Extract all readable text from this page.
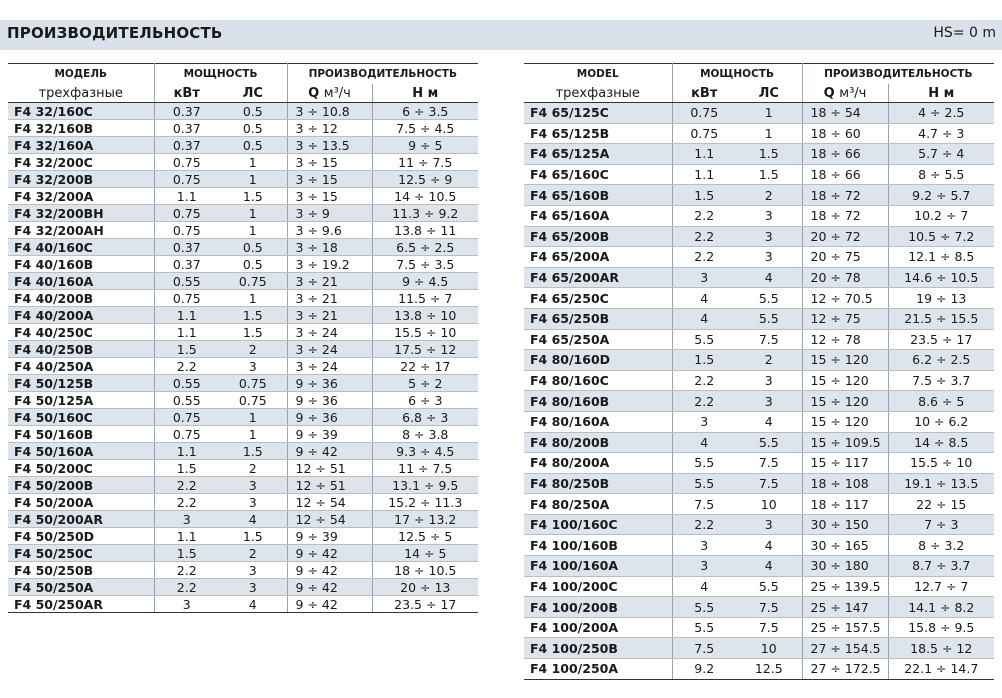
ПРОИЗВОДИТЕЛЬНОСТЬ	HS= 0 m
МОДЕЛЬ	МОЩНОСТЬ		ПРОИЗВОДИТЕЛЬНОСТЬ	
трехфазные	кВт	ЛС	Q м³/ч	Н м
F4 32/160C	0.37	0.5	3 ÷ 10.8	6 ÷ 3.5
F4 32/160B	0.37	0.5	3 ÷ 12	7.5 ÷ 4.5
F4 32/160A	0.37	0.5	3 ÷ 13.5	9 ÷ 5
F4 32/200C	0.75	1	3 ÷ 15	11 ÷ 7.5
F4 32/200B	0.75	1	3 ÷ 15	12.5 ÷ 9
F4 32/200A	1.1	1.5	3 ÷ 15	14 ÷ 10.5
F4 32/200BH	0.75	1	3 ÷ 9	11.3 ÷ 9.2
F4 32/200AH	0.75	1	3 ÷ 9.6	13.8 ÷ 11
F4 40/160C	0.37	0.5	3 ÷ 18	6.5 ÷ 2.5
F4 40/160B	0.37	0.5	3 ÷ 19.2	7.5 ÷ 3.5
F4 40/160A	0.55	0.75	3 ÷ 21	9 ÷ 4.5
F4 40/200B	0.75	1	3 ÷ 21	11.5 ÷ 7
F4 40/200A	1.1	1.5	3 ÷ 21	13.8 ÷ 10
F4 40/250C	1.1	1.5	3 ÷ 24	15.5 ÷ 10
F4 40/250B	1.5	2	3 ÷ 24	17.5 ÷ 12
F4 40/250A	2.2	3	3 ÷ 24	22 ÷ 17
F4 50/125B	0.55	0.75	9 ÷ 36	5 ÷ 2
F4 50/125A	0.55	0.75	9 ÷ 36	6 ÷ 3
F4 50/160C	0.75	1	9 ÷ 36	6.8 ÷ 3
F4 50/160B	0.75	1	9 ÷ 39	8 ÷ 3.8
F4 50/160A	1.1	1.5	9 ÷ 42	9.3 ÷ 4.5
F4 50/200C	1.5	2	12 ÷ 51	11 ÷ 7.5
F4 50/200B	2.2	3	12 ÷ 51	13.1 ÷ 9.5
F4 50/200A	2.2	3	12 ÷ 54	15.2 ÷ 11.3
F4 50/200AR	3	4	12 ÷ 54	17 ÷ 13.2
F4 50/250D	1.1	1.5	9 ÷ 39	12.5 ÷ 5
F4 50/250C	1.5	2	9 ÷ 42	14 ÷ 5
F4 50/250B	2.2	3	9 ÷ 42	18 ÷ 10.5
F4 50/250A	2.2	3	9 ÷ 42	20 ÷ 13
F4 50/250AR	3	4	9 ÷ 42	23.5 ÷ 17
MODEL	МОЩНОСТЬ		ПРОИЗВОДИТЕЛЬНОСТЬ	
трехфазные	кВт	ЛС	Q м³/ч	Н м
F4 65/125C	0.75	1	18 ÷ 54	4 ÷ 2.5
F4 65/125B	0.75	1	18 ÷ 60	4.7 ÷ 3
F4 65/125A	1.1	1.5	18 ÷ 66	5.7 ÷ 4
F4 65/160C	1.1	1.5	18 ÷ 66	8 ÷ 5.5
F4 65/160B	1.5	2	18 ÷ 72	9.2 ÷ 5.7
F4 65/160A	2.2	3	18 ÷ 72	10.2 ÷ 7
F4 65/200B	2.2	3	20 ÷ 72	10.5 ÷ 7.2
F4 65/200A	2.2	3	20 ÷ 75	12.1 ÷ 8.5
F4 65/200AR	3	4	20 ÷ 78	14.6 ÷ 10.5
F4 65/250C	4	5.5	12 ÷ 70.5	19 ÷ 13
F4 65/250B	4	5.5	12 ÷ 75	21.5 ÷ 15.5
F4 65/250A	5.5	7.5	12 ÷ 78	23.5 ÷ 17
F4 80/160D	1.5	2	15 ÷ 120	6.2 ÷ 2.5
F4 80/160C	2.2	3	15 ÷ 120	7.5 ÷ 3.7
F4 80/160B	2.2	3	15 ÷ 120	8.6 ÷ 5
F4 80/160A	3	4	15 ÷ 120	10 ÷ 6.2
F4 80/200B	4	5.5	15 ÷ 109.5	14 ÷ 8.5
F4 80/200A	5.5	7.5	15 ÷ 117	15.5 ÷ 10
F4 80/250B	5.5	7.5	18 ÷ 108	19.1 ÷ 13.5
F4 80/250A	7.5	10	18 ÷ 117	22 ÷ 15
F4 100/160C	2.2	3	30 ÷ 150	7 ÷ 3
F4 100/160B	3	4	30 ÷ 165	8 ÷ 3.2
F4 100/160A	3	4	30 ÷ 180	8.7 ÷ 3.7
F4 100/200C	4	5.5	25 ÷ 139.5	12.7 ÷ 7
F4 100/200B	5.5	7.5	25 ÷ 147	14.1 ÷ 8.2
F4 100/200A	5.5	7.5	25 ÷ 157.5	15.8 ÷ 9.5
F4 100/250B	7.5	10	27 ÷ 154.5	18.5 ÷ 12
F4 100/250A	9.2	12.5	27 ÷ 172.5	22.1 ÷ 14.7
